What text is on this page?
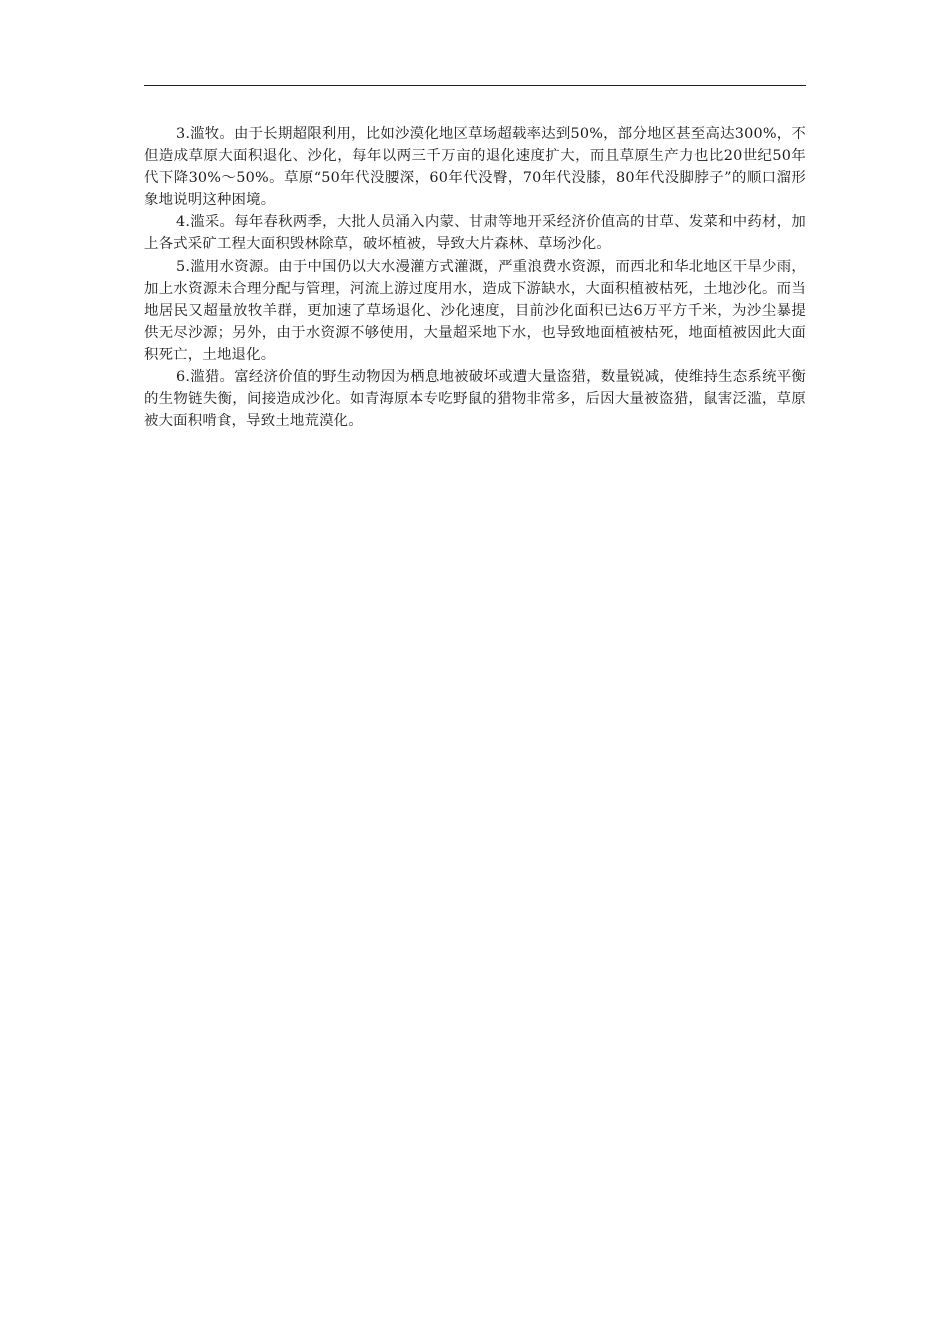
3.滥牧。由于长期超限利用，比如沙漠化地区草场超载率达到50%，部分地区甚至高达300%，不但造成草原大面积退化、沙化，每年以两三千万亩的退化速度扩大，而且草原生产力也比20世纪50年代下降30%～50%。草原“50年代没腰深，60年代没臀，70年代没膝，80年代没脚脖子”的顺口溜形象地说明这种困境。

4.滥采。每年春秋两季，大批人员涌入内蒙、甘肃等地开采经济价值高的甘草、发菜和中药材，加上各式采矿工程大面积毁林除草，破坏植被，导致大片森林、草场沙化。

5.滥用水资源。由于中国仍以大水漫灌方式灌溉，严重浪费水资源，而西北和华北地区干旱少雨，加上水资源未合理分配与管理，河流上游过度用水，造成下游缺水，大面积植被枯死，土地沙化。而当地居民又超量放牧羊群，更加速了草场退化、沙化速度，目前沙化面积已达6万平方千米，为沙尘暴提供无尽沙源；另外，由于水资源不够使用，大量超采地下水，也导致地面植被枯死，地面植被因此大面积死亡，土地退化。

6.滥猎。富经济价值的野生动物因为栖息地被破坏或遭大量盗猎，数量锐减，使维持生态系统平衡的生物链失衡，间接造成沙化。如青海原本专吃野鼠的猎物非常多，后因大量被盗猎，鼠害泛滥，草原被大面积啃食，导致土地荒漠化。
